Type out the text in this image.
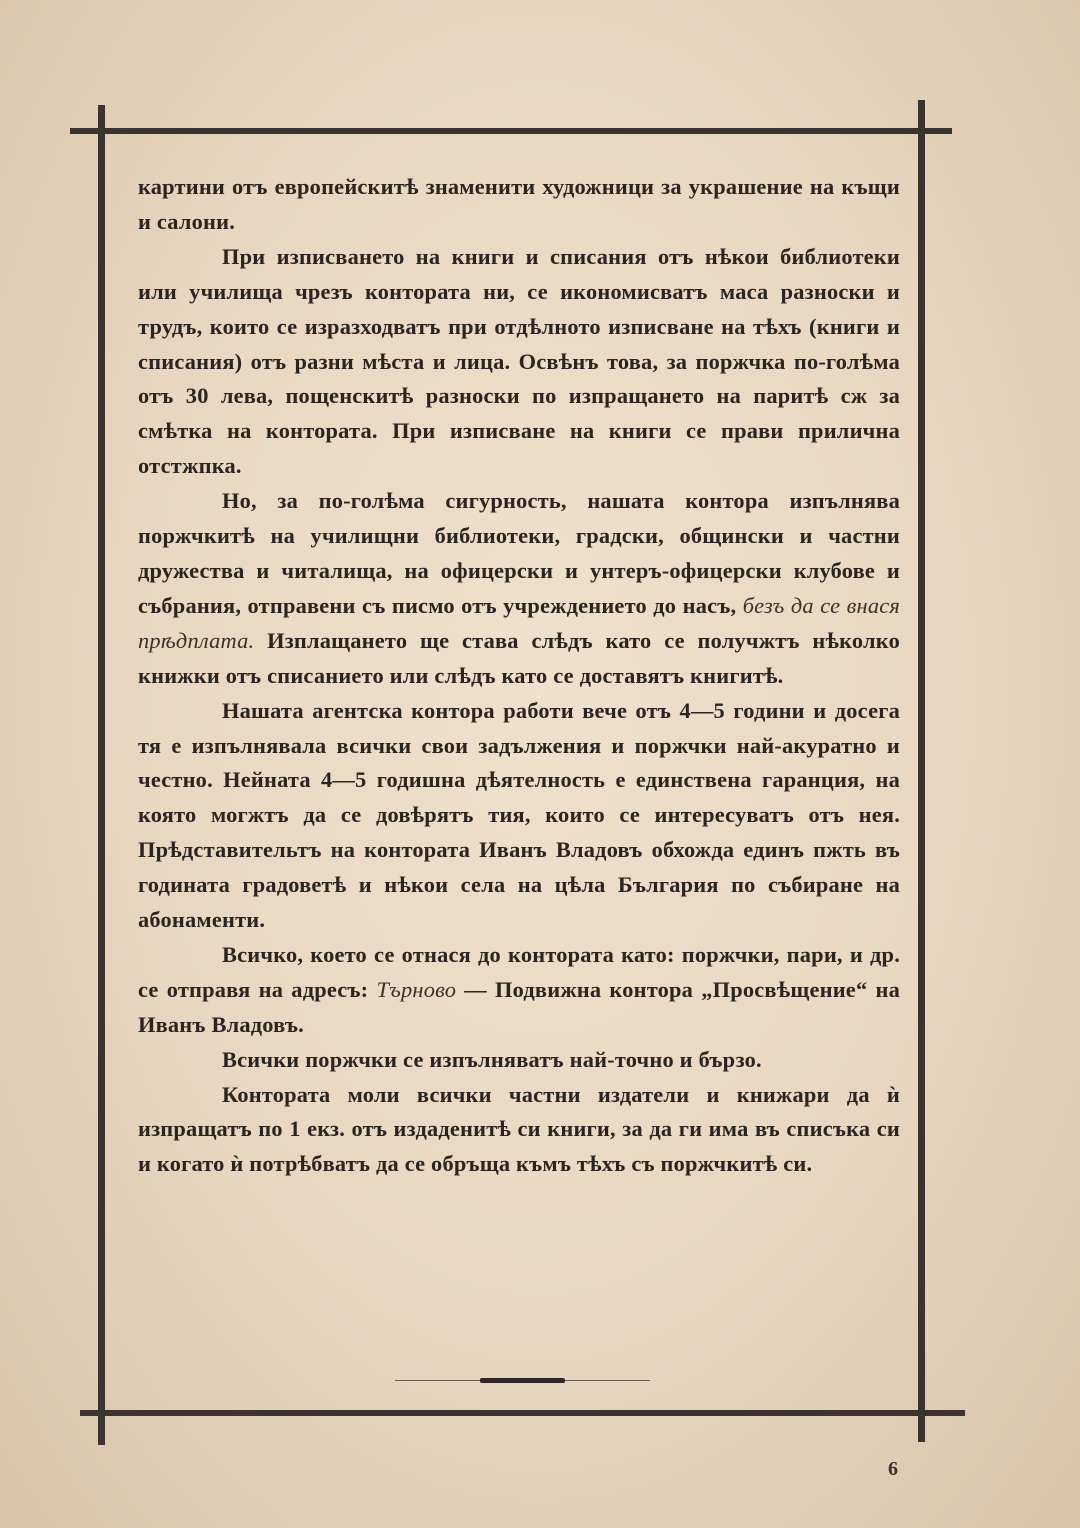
картини отъ европейскитѣ знаменити художници за украшение на къщи и салони.

При изписването на книги и списания отъ нѣкои библиотеки или училища чрезъ контората ни, се икономисватъ маса разноски и трудъ, които се изразходватъ при отдѣлното изписване на тѣхъ (книги и списания) отъ разни мѣста и лица. Освѣнъ това, за поржчка по-голѣма отъ 30 лева, пощенскитѣ разноски по изпращането на паритѣ сж за смѣтка на контората. При изписване на книги се прави прилична отстжпка.

Но, за по-голѣма сигурность, нашата контора изпълнява поржчкитѣ на училищни библиотеки, градски, общински и частни дружества и читалища, на офицерски и унтеръ-офицерски клубове и събрания, отправени съ писмо отъ учреждението до насъ, безъ да се внася прѣдплата. Изплащането ще става слѣдъ като се получжтъ нѣколко книжки отъ списанието или слѣдъ като се доставятъ книгитѣ.

Нашата агентска контора работи вече отъ 4—5 години и досега тя е изпълнявала всички свои задължения и поржчки най-акуратно и честно. Нейната 4—5 годишна дѣятелность е единствена гаранция, на която могжтъ да се довѣрятъ тия, които се интересуватъ отъ нея. Прѣдставительтъ на контората Иванъ Владовъ обхожда единъ пжть въ годината градоветѣ и нѣкои села на цѣла България по събиране на абонаменти.

Всичко, което се отнася до контората като: поржчки, пари, и др. се отправя на адресъ: Търново — Подвижна контора „Просвѣщение“ на Иванъ Владовъ.

Всички поржчки се изпълняватъ най-точно и бързо.

Контората моли всички частни издатели и книжари да ѝ изпращатъ по 1 екз. отъ издаденитѣ си книги, за да ги има въ списъка си и когато ѝ потрѣбватъ да се обръща къмъ тѣхъ съ поржчкитѣ си.

6
